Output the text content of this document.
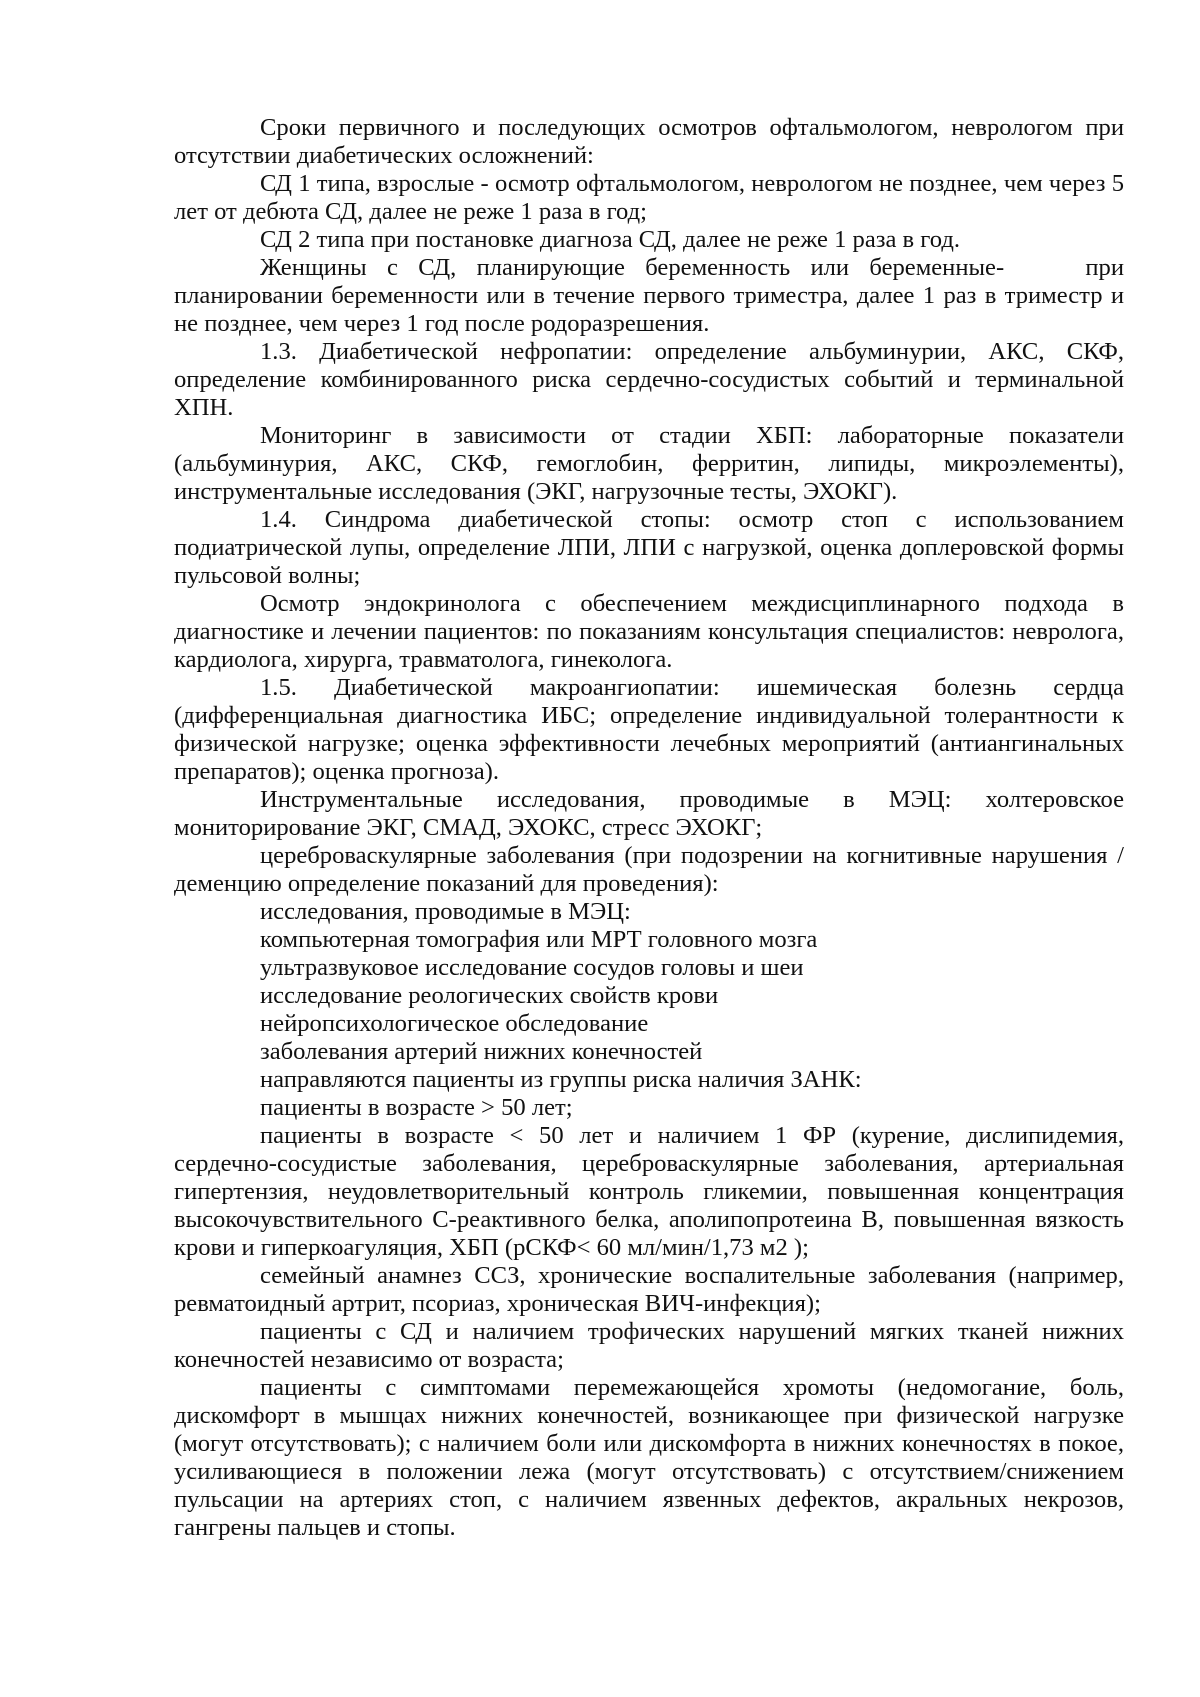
Сроки первичного и последующих осмотров офтальмологом, неврологом при отсутствии диабетических осложнений:

СД 1 типа, взрослые - осмотр офтальмологом, неврологом не позднее, чем через 5 лет от дебюта СД, далее не реже 1 раза в год;

СД 2 типа при постановке диагноза СД, далее не реже 1 раза в год.

Женщины с СД, планирующие беременность или беременные-    при планировании беременности или в течение первого триместра, далее 1 раз в триместр и не позднее, чем через 1 год после родоразрешения.

1.3. Диабетической нефропатии: определение альбуминурии, АКС, СКФ, определение комбинированного риска сердечно-сосудистых событий и терминальной ХПН.

Мониторинг в зависимости от стадии ХБП: лабораторные показатели (альбуминурия, АКС, СКФ, гемоглобин, ферритин, липиды, микроэлементы), инструментальные исследования (ЭКГ, нагрузочные тесты, ЭХОКГ).

1.4. Синдрома диабетической стопы: осмотр стоп с использованием подиатрической лупы, определение ЛПИ, ЛПИ с нагрузкой, оценка доплеровской формы пульсовой волны;

Осмотр эндокринолога с обеспечением междисциплинарного подхода в диагностике и лечении пациентов: по показаниям консультация специалистов: невролога, кардиолога, хирурга, травматолога, гинеколога.

1.5. Диабетической макроангиопатии: ишемическая болезнь сердца (дифференциальная диагностика ИБС; определение индивидуальной толерантности к физической нагрузке; оценка эффективности лечебных мероприятий (антиангинальных препаратов); оценка прогноза).

Инструментальные исследования, проводимые в МЭЦ: холтеровское мониторирование ЭКГ, СМАД, ЭХОКС, стресс ЭХОКГ;

цереброваскулярные заболевания (при подозрении на когнитивные нарушения / деменцию определение показаний для проведения):

исследования, проводимые в МЭЦ:

компьютерная томография или МРТ головного мозга

ультразвуковое исследование сосудов головы и шеи

исследование реологических свойств крови

нейропсихологическое обследование

заболевания артерий нижних конечностей

направляются пациенты из группы риска наличия ЗАНК:

пациенты в возрасте ˃ 50 лет;

пациенты в возрасте < 50 лет и наличием 1 ФР (курение, дислипидемия, сердечно-сосудистые заболевания, цереброваскулярные заболевания, артериальная гипертензия, неудовлетворительный контроль гликемии, повышенная концентрация высокочувствительного С-реактивного белка, аполипопротеина В, повышенная вязкость крови и гиперкоагуляция, ХБП (рСКФ< 60 мл/мин/1,73 м2 );

семейный анамнез ССЗ, хронические воспалительные заболевания (например, ревматоидный артрит, псориаз, хроническая ВИЧ-инфекция);

пациенты с СД и наличием трофических нарушений мягких тканей нижних конечностей независимо от возраста;

пациенты с симптомами перемежающейся хромоты (недомогание, боль, дискомфорт в мышцах нижних конечностей, возникающее при физической нагрузке (могут отсутствовать); с наличием боли или дискомфорта в нижних конечностях в покое, усиливающиеся в положении лежа (могут отсутствовать) с отсутствием/снижением пульсации на артериях стоп, с наличием язвенных дефектов, акральных некрозов, гангрены пальцев и стопы.
